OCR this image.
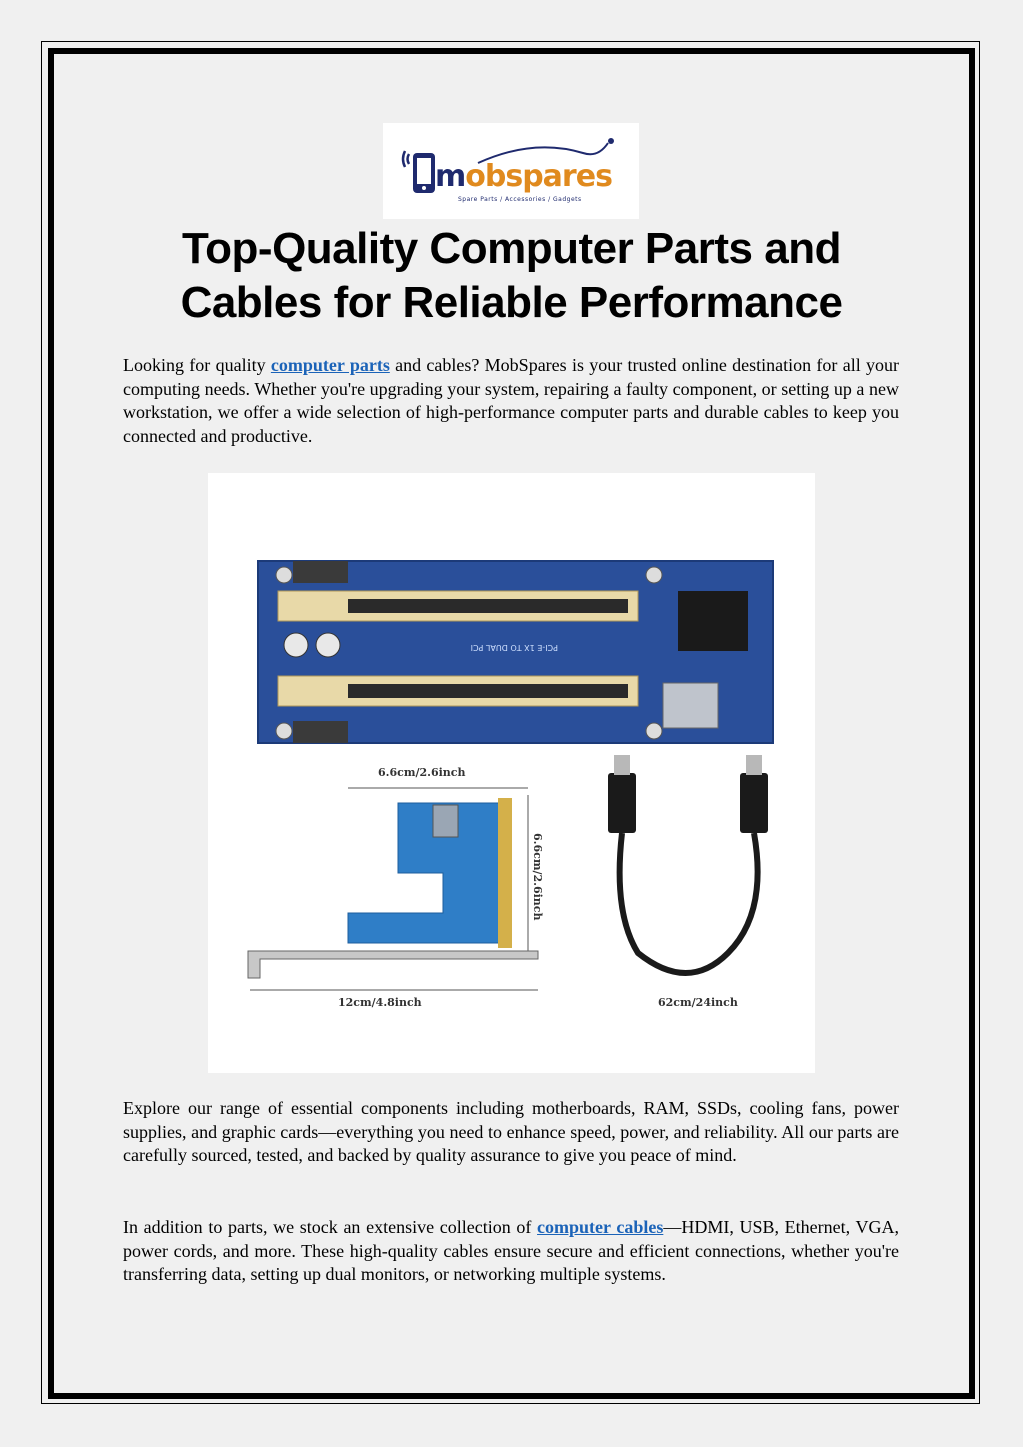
mobspares
Spare Parts / Accessories / Gadgets
Top-Quality Computer Parts and
Cables for Reliable Performance

Looking for quality computer parts and cables? MobSpares is your trusted online destination for all your computing needs. Whether you're upgrading your system, repairing a faulty component, or setting up a new workstation, we offer a wide selection of high-performance computer parts and durable cables to keep you connected and productive.

PCI-E 1X TO DUAL PCI
6.6cm/2.6inch
6.6cm/2.6inch
12cm/4.8inch	62cm/24inch

Explore our range of essential components including motherboards, RAM, SSDs, cooling fans, power supplies, and graphic cards—everything you need to enhance speed, power, and reliability. All our parts are carefully sourced, tested, and backed by quality assurance to give you peace of mind.

In addition to parts, we stock an extensive collection of computer cables—HDMI, USB, Ethernet, VGA, power cords, and more. These high-quality cables ensure secure and efficient connections, whether you're transferring data, setting up dual monitors, or networking multiple systems.
